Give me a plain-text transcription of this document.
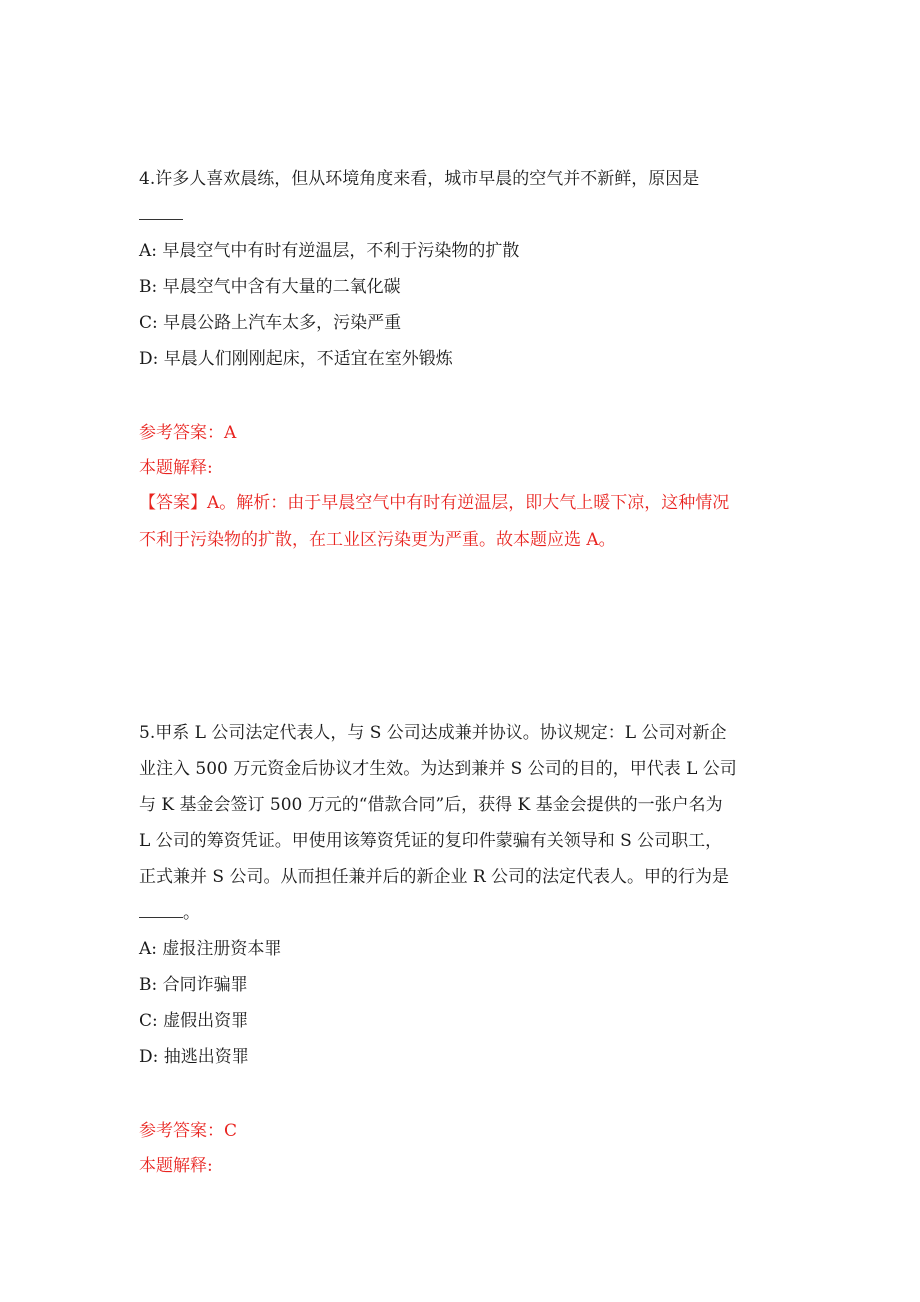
4.许多人喜欢晨练，但从环境角度来看，城市早晨的空气并不新鲜，原因是
A: 早晨空气中有时有逆温层，不利于污染物的扩散
B: 早晨空气中含有大量的二氧化碳
C: 早晨公路上汽车太多，污染严重
D: 早晨人们刚刚起床，不适宜在室外锻炼
参考答案：A
本题解释:
【答案】A。解析：由于早晨空气中有时有逆温层，即大气上暖下凉，这种情况
不利于污染物的扩散，在工业区污染更为严重。故本题应选 A。
5.甲系 L 公司法定代表人，与 S 公司达成兼并协议。协议规定：L 公司对新企
业注入 500 万元资金后协议才生效。为达到兼并 S 公司的目的，甲代表 L 公司
与 K 基金会签订 500 万元的“借款合同”后，获得 K 基金会提供的一张户名为
L 公司的筹资凭证。甲使用该筹资凭证的复印件蒙骗有关领导和 S 公司职工，
正式兼并 S 公司。从而担任兼并后的新企业 R 公司的法定代表人。甲的行为是
。
A: 虚报注册资本罪
B: 合同诈骗罪
C: 虚假出资罪
D: 抽逃出资罪
参考答案：C
本题解释:
